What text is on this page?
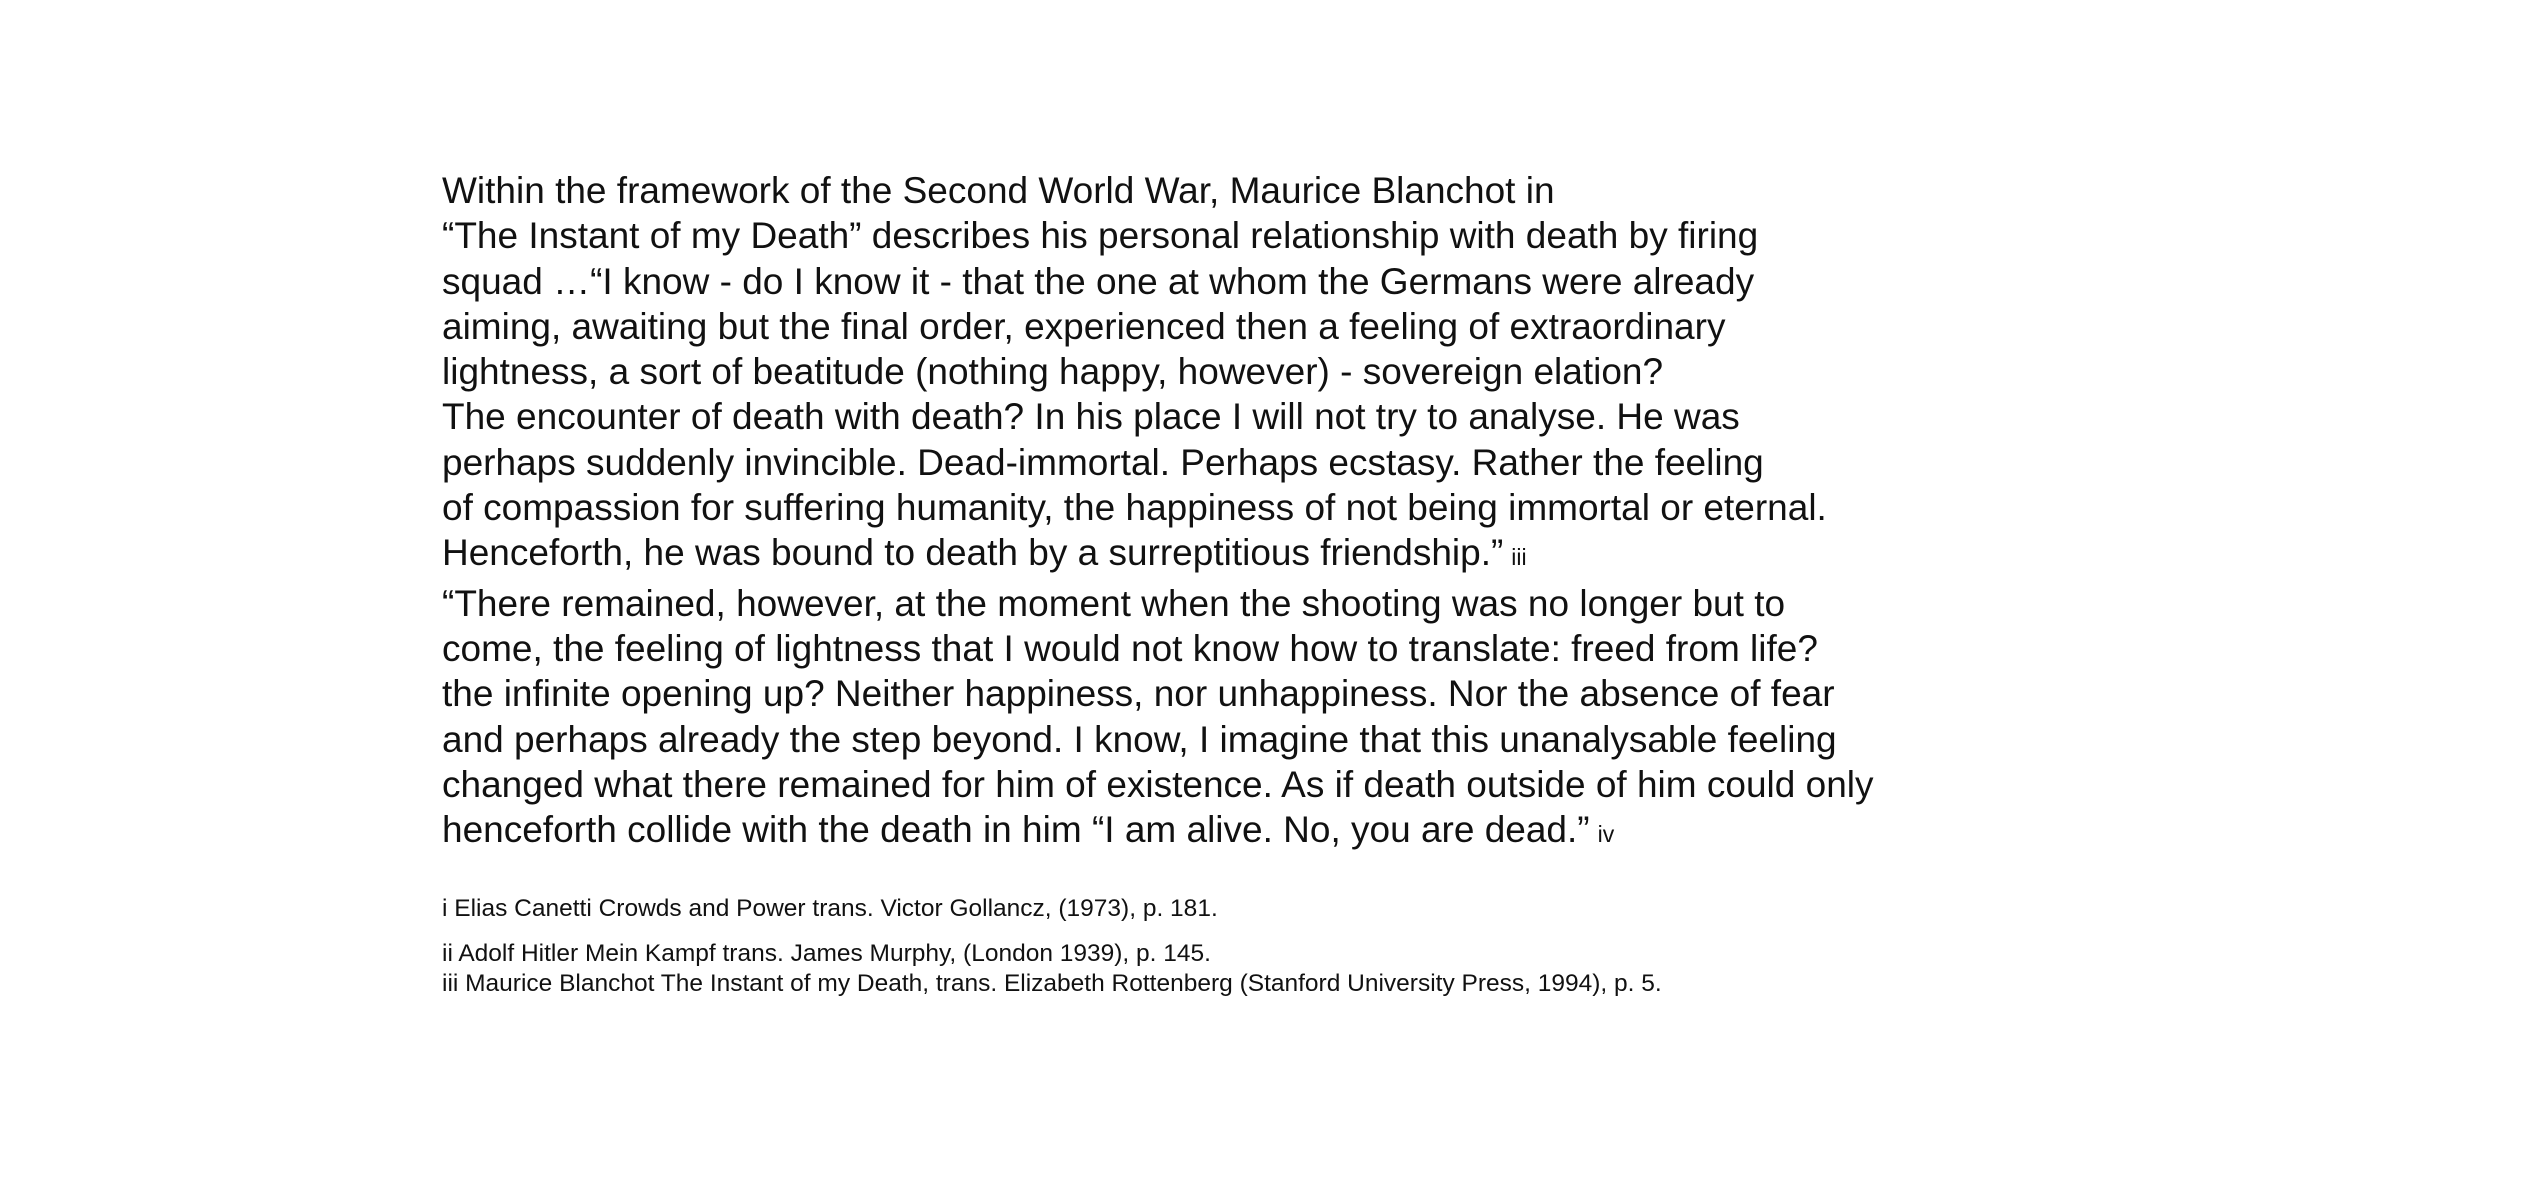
Within the framework of the Second World War, Maurice Blanchot in
“The Instant of my Death” describes his personal relationship with death by firing
squad …“I know - do I know it - that the one at whom the Germans were already
aiming, awaiting but the final order, experienced then a feeling of extraordinary
lightness, a sort of beatitude (nothing happy, however) - sovereign elation?
The encounter of death with death? In his place I will not try to analyse. He was
perhaps suddenly invincible. Dead-immortal. Perhaps ecstasy. Rather the feeling
of compassion for suffering humanity, the happiness of not being immortal or eternal.
Henceforth, he was bound to death by a surreptitious friendship.” iii
“There remained, however, at the moment when the shooting was no longer but to
come, the feeling of lightness that I would not know how to translate: freed from life?
the infinite opening up? Neither happiness, nor unhappiness. Nor the absence of fear
and perhaps already the step beyond. I know, I imagine that this unanalysable feeling
changed what there remained for him of existence. As if death outside of him could only
henceforth collide with the death in him “I am alive. No, you are dead.” iv
i Elias Canetti Crowds and Power trans. Victor Gollancz, (1973), p. 181.
ii Adolf Hitler Mein Kampf trans. James Murphy, (London 1939), p. 145.
iii Maurice Blanchot The Instant of my Death, trans. Elizabeth Rottenberg (Stanford University Press, 1994), p. 5.
